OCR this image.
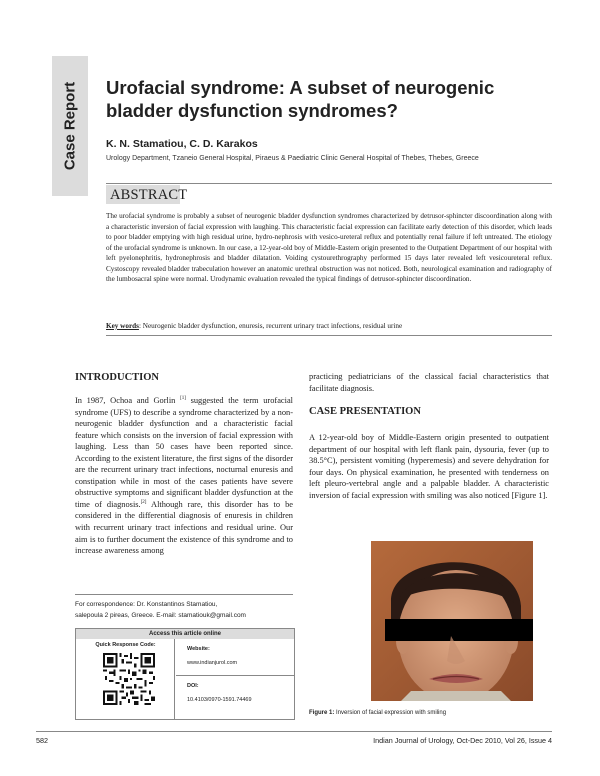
Case Report Urofacial syndrome: A subset of neurogenic bladder dysfunction syndromes?
K. N. Stamatiou, C. D. Karakos
Urology Department, Tzaneio General Hospital, Piraeus & Paediatric Clinic General Hospital of Thebes, Thebes, Greece
ABSTRACT

The urofacial syndrome is probably a subset of neurogenic bladder dysfunction syndromes characterized by detrusor-sphincter discoordination along with a characteristic inversion of facial expression with laughing. This characteristic facial expression can facilitate early detection of this disorder, which leads to poor bladder emptying with high residual urine, hydro-nephrosis with vesico-ureteral reflux and potentially renal failure if left untreated. The etiology of the urofacial syndrome is unknown. In our case, a 12-year-old boy of Middle-Eastern origin presented to the Outpatient Department of our hospital with left pyelonephritis, hydronephrosis and bladder dilatation. Voiding cystourethrography performed 15 days later revealed left vesicoureteral reflux. Cystoscopy revealed bladder trabeculation however an anatomic urethral obstruction was not noticed. Both, neurological examination and radiography of the lumbosacral spine were normal. Urodynamic evaluation revealed the typical findings of detrusor-sphincter discoordination.

Key words: Neurogenic bladder dysfunction, enuresis, recurrent urinary tract infections, residual urine

INTRODUCTION

In 1987, Ochoa and Gorlin [1] suggested the term urofacial syndrome (UFS) to describe a syndrome characterized by a non-neurogenic bladder dysfunction and a characteristic facial feature which consists on the inversion of facial expression with laughing. Less than 50 cases have been reported since. According to the existent literature, the first signs of the disorder are the recurrent urinary tract infections, nocturnal enuresis and constipation while in most of the cases patients have severe obstructive symptoms and significant bladder dysfunction at the time of diagnosis.[2] Although rare, this disorder has to be considered in the differential diagnosis of enuresis in children with recurrent urinary tract infections and residual urine. Our aim is to further document the existence of this syndrome and to increase awareness among

practicing pediatricians of the classical facial characteristics that facilitate diagnosis.

CASE PRESENTATION

A 12-year-old boy of Middle-Eastern origin presented to outpatient department of our hospital with left flank pain, dysouria, fever (up to 38.5°C), persistent vomiting (hyperemesis) and severe dehydration for four days. On physical examination, he presented with tenderness on left pleuro-vertebral angle and a palpable bladder. A characteristic inversion of facial expression with smiling was also noticed [Figure 1].

For correspondence: Dr. Konstantinos Stamatiou,
salepoula 2 pireas, Greece. E-mail: stamatiouk@gmail.com
Access this article online
Quick Response Code:
Website:
www.indianjurol.com
DOI:
10.4103/0970-1591.74469
Figure 1: Inversion of facial expression with smiling
582	Indian Journal of Urology, Oct-Dec 2010, Vol 26, Issue 4
